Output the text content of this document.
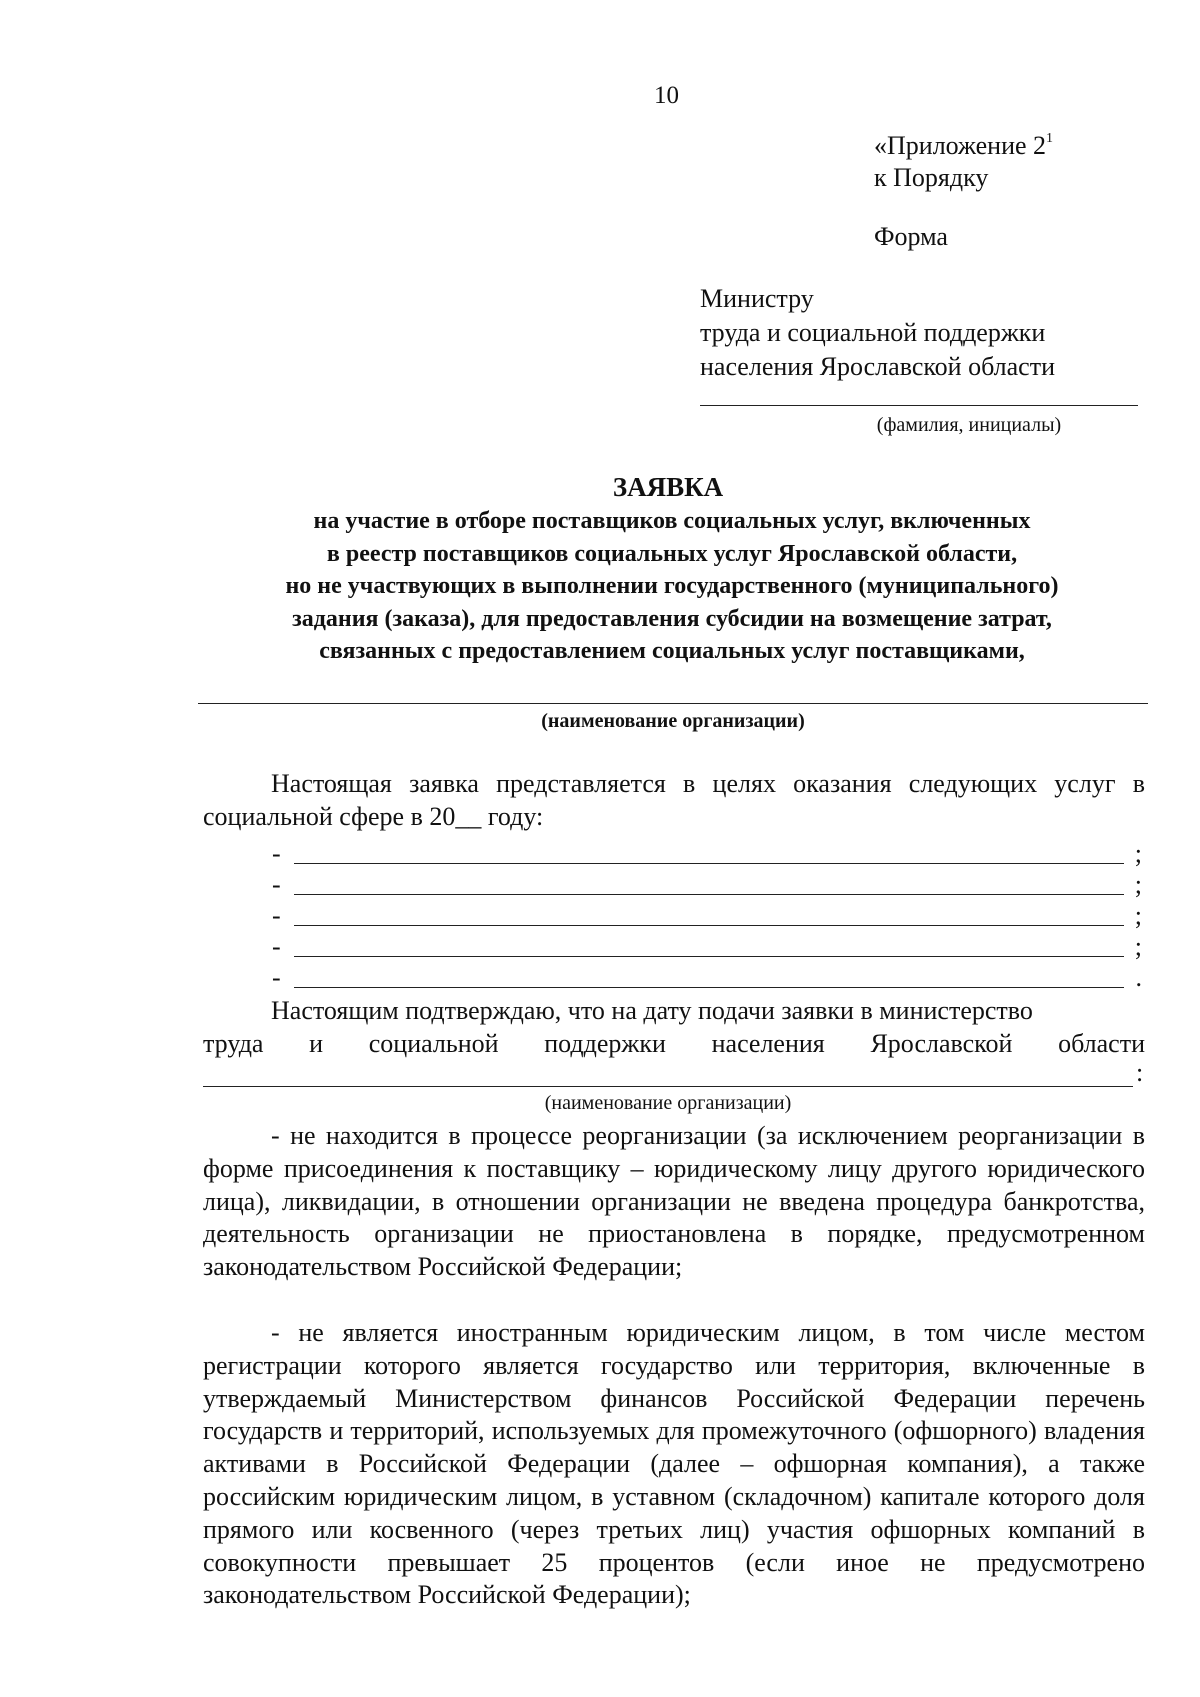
10
«Приложение $2^1$
к Порядку
Форма
Министру
труда и социальной поддержки
населения Ярославской области
(фамилия, инициалы)
ЗАЯВКА
на участие в отборе поставщиков социальных услуг, включенных
в реестр поставщиков социальных услуг Ярославской области,
но не участвующих в выполнении государственного (муниципального)
задания (заказа), для предоставления субсидии на возмещение затрат,
связанных с предоставлением социальных услуг поставщиками,
(наименование организации)

Настоящая заявка представляется в целях оказания следующих услуг в социальной сфере в 20__ году:

-	;
-	;
-	;
-	;
-	.

Настоящим подтверждаю, что на дату подачи заявки в министерство

труда и социальной поддержки населения Ярославской области
:
(наименование организации)

- не находится в процессе реорганизации (за исключением реорганизации в форме присоединения к поставщику – юридическому лицу другого юридического лица), ликвидации, в отношении организации не введена процедура банкротства, деятельность организации не приостановлена в порядке, предусмотренном законодательством Российской Федерации;

- не является иностранным юридическим лицом, в том числе местом регистрации которого является государство или территория, включенные в утверждаемый Министерством финансов Российской Федерации перечень государств и территорий, используемых для промежуточного (офшорного) владения активами в Российской Федерации (далее – офшорная компания), а также российским юридическим лицом, в уставном (складочном) капитале которого доля прямого или косвенного (через третьих лиц) участия офшорных компаний в совокупности превышает 25 процентов (если иное не предусмотрено законодательством Российской Федерации);
